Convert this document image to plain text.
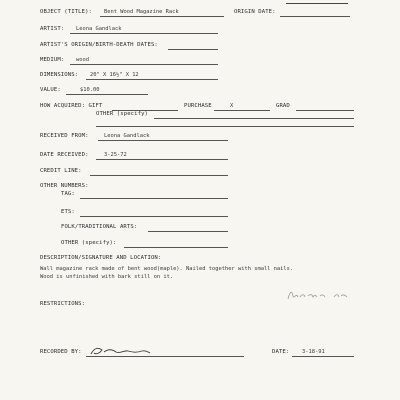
OBJECT (TITLE): Bent Wood Magazine Rack	ORIGIN DATE:
ARTIST: Leona Gandlack
ARTIST'S ORIGIN/BIRTH-DEATH DATES:
MEDIUM: wood
DIMENSIONS: 20" X 16½" X 12
VALUE:	$10.00
HOW ACQUIRED: GIFT	PURCHASE	X	GRAD
OTHER (specify)
RECEIVED FROM:	Leona Gandlack
DATE RECEIVED:	3-25-72
CREDIT LINE:
OTHER NUMBERS:
TAG:
ETS:
FOLK/TRADITIONAL ARTS:
OTHER (specify):
DESCRIPTION/SIGNATURE AND LOCATION:
Wall magazine rack made of bent wood(maple). Nailed together with small nails.
Wood is unfinished with bark still on it.
RESTRICTIONS:
RECORDED BY:	DATE: 3-18-91
